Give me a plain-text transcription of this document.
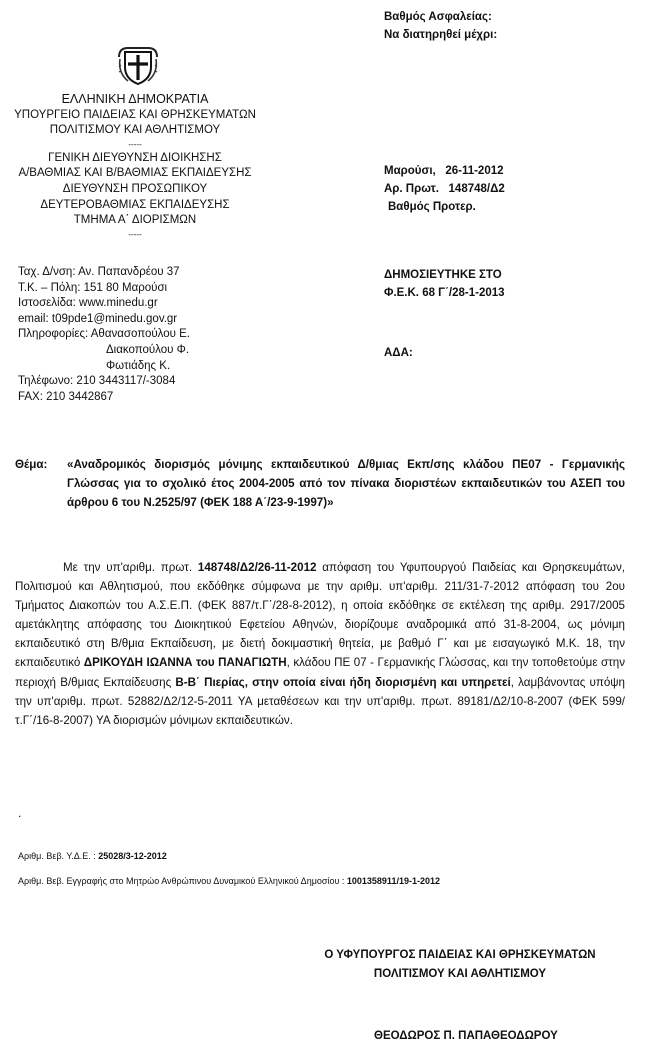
Βαθμός Ασφαλείας:
Να διατηρηθεί μέχρι:
ΕΛΛΗΝΙΚΗ ΔΗΜΟΚΡΑΤΙΑ
ΥΠΟΥΡΓΕΙΟ ΠΑΙΔΕΙΑΣ ΚΑΙ ΘΡΗΣΚΕΥΜΑΤΩΝ
ΠΟΛΙΤΙΣΜΟΥ ΚΑΙ ΑΘΛΗΤΙΣΜΟΥ
-----
ΓΕΝΙΚΗ ΔΙΕΥΘΥΝΣΗ ΔΙΟΙΚΗΣΗΣ
Α/ΒΑΘΜΙΑΣ ΚΑΙ Β/ΒΑΘΜΙΑΣ ΕΚΠΑΙΔΕΥΣΗΣ
ΔΙΕΥΘΥΝΣΗ ΠΡΟΣΩΠΙΚΟΥ
ΔΕΥΤΕΡΟΒΑΘΜΙΑΣ ΕΚΠΑΙΔΕΥΣΗΣ
ΤΜΗΜΑ Α΄ ΔΙΟΡΙΣΜΩΝ
-----
Ταχ. Δ/νση: Αν. Παπανδρέου 37
Τ.Κ. – Πόλη: 151 80 Μαρούσι
Ιστοσελίδα: www.minedu.gr
email: t09pde1@minedu.gov.gr
Πληροφορίες: Αθανασοπούλου Ε.
Διακοπούλου Φ.
Φωτιάδης Κ.
Τηλέφωνο: 210 3443117/-3084
FAX: 210 3442867
Μαρούσι,   26-11-2012
Αρ. Πρωτ.   148748/Δ2
Βαθμός Προτερ.
ΔΗΜΟΣΙΕΥΤΗΚΕ ΣΤΟ
Φ.Ε.Κ. 68 Γ΄/28-1-2013
ΑΔΑ:
Θέμα: «Αναδρομικός διορισμός μόνιμης εκπαιδευτικού Δ/θμιας Εκπ/σης κλάδου ΠΕ07 - Γερμανικής Γλώσσας για το σχολικό έτος 2004-2005 από τον πίνακα διοριστέων εκπαιδευτικών του ΑΣΕΠ του άρθρου 6 του Ν.2525/97 (ΦΕΚ 188 Α΄/23-9-1997)»
Με την υπ'αριθμ. πρωτ. 148748/Δ2/26-11-2012 απόφαση του Υφυπουργού Παιδείας και Θρησκευμάτων, Πολιτισμού και Αθλητισμού, που εκδόθηκε σύμφωνα με την αριθμ. υπ'αριθμ. 211/31-7-2012 απόφαση του 2ου Τμήματος Διακοπών του Α.Σ.Ε.Π. (ΦΕΚ 887/τ.Γ΄/28-8-2012), η οποία εκδόθηκε σε εκτέλεση της αριθμ. 2917/2005 αμετάκλητης απόφασης του Διοικητικού Εφετείου Αθηνών, διορίζουμε αναδρομικά από 31-8-2004, ως μόνιμη εκπαιδευτικό στη Β/θμια Εκπαίδευση, με διετή δοκιμαστική θητεία, με βαθμό Γ΄ και με εισαγωγικό Μ.Κ. 18, την εκπαιδευτικό ΔΡΙΚΟΥΔΗ ΙΩΑΝΝΑ του ΠΑΝΑΓΙΩΤΗ, κλάδου ΠΕ 07 - Γερμανικής Γλώσσας, και την τοποθετούμε στην περιοχή Β/θμιας Εκπαίδευσης Β-Β΄ Πιερίας, στην οποία είναι ήδη διορισμένη και υπηρετεί, λαμβάνοντας υπόψη την υπ'αριθμ. πρωτ. 52882/Δ2/12-5-2011 ΥΑ μεταθέσεων και την υπ'αριθμ. πρωτ. 89181/Δ2/10-8-2007 (ΦΕΚ 599/τ.Γ΄/16-8-2007) ΥΑ διορισμών μόνιμων εκπαιδευτικών.
.
Αριθμ. Βεβ. Υ.Δ.Ε. : 25028/3-12-2012
Αριθμ. Βεβ. Εγγραφής στο Μητρώο Ανθρώπινου Δυναμικού Ελληνικού Δημοσίου : 1001358911/19-1-2012
Ο ΥΦΥΠΟΥΡΓΟΣ ΠΑΙΔΕΙΑΣ ΚΑΙ ΘΡΗΣΚΕΥΜΑΤΩΝ
ΠΟΛΙΤΙΣΜΟΥ ΚΑΙ ΑΘΛΗΤΙΣΜΟΥ
ΘΕΟΔΩΡΟΣ Π. ΠΑΠΑΘΕΟΔΩΡΟΥ
